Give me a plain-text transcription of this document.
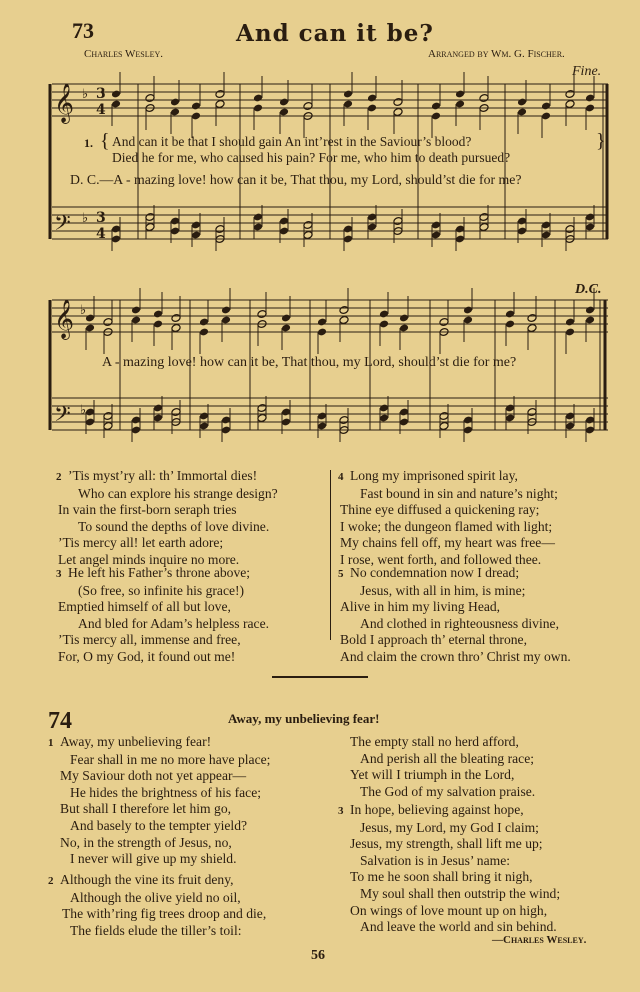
73	And can it be?
Charles Wesley.	Arranged by Wm. G. Fischer.
Fine.
𝄞
𝄢
𝄞
𝄢
♭
♭
♭
♭
3
4
3
4
1. { And can it be that I should gain An int’rest in the Saviour’s blood?
Died he for me, who caused his pain? For me, who him to death pursued?
}
D. C.—A - mazing love! how can it be, That thou, my Lord, should’st die for me?
D.C.
A - mazing love! how can it be, That thou, my Lord, should’st die for me?
2 ’Tis myst’ry all: th’ Immortal dies!
Who can explore his strange design?
In vain the first-born seraph tries
To sound the depths of love divine.
’Tis mercy all! let earth adore;
Let angel minds inquire no more.
3 He left his Father’s throne above;
(So free, so infinite his grace!)
Emptied himself of all but love,
And bled for Adam’s helpless race.
’Tis mercy all, immense and free,
For, O my God, it found out me!
4 Long my imprisoned spirit lay,
Fast bound in sin and nature’s night;
Thine eye diffused a quickening ray;
I woke; the dungeon flamed with light;
My chains fell off, my heart was free—
I rose, went forth, and followed thee.
5 No condemnation now I dread;
Jesus, with all in him, is mine;
Alive in him my living Head,
And clothed in righteousness divine,
Bold I approach th’ eternal throne,
And claim the crown thro’ Christ my own.
74	Away, my unbelieving fear!
1 Away, my unbelieving fear!
Fear shall in me no more have place;
My Saviour doth not yet appear—
He hides the brightness of his face;
But shall I therefore let him go,
And basely to the tempter yield?
No, in the strength of Jesus, no,
I never will give up my shield.
2 Although the vine its fruit deny,
Although the olive yield no oil,
The with’ring fig trees droop and die,
The fields elude the tiller’s toil:
The empty stall no herd afford,
And perish all the bleating race;
Yet will I triumph in the Lord,
The God of my salvation praise.
3 In hope, believing against hope,
Jesus, my Lord, my God I claim;
Jesus, my strength, shall lift me up;
Salvation is in Jesus’ name:
To me he soon shall bring it nigh,
My soul shall then outstrip the wind;
On wings of love mount up on high,
And leave the world and sin behind.
—Charles Wesley.
56
